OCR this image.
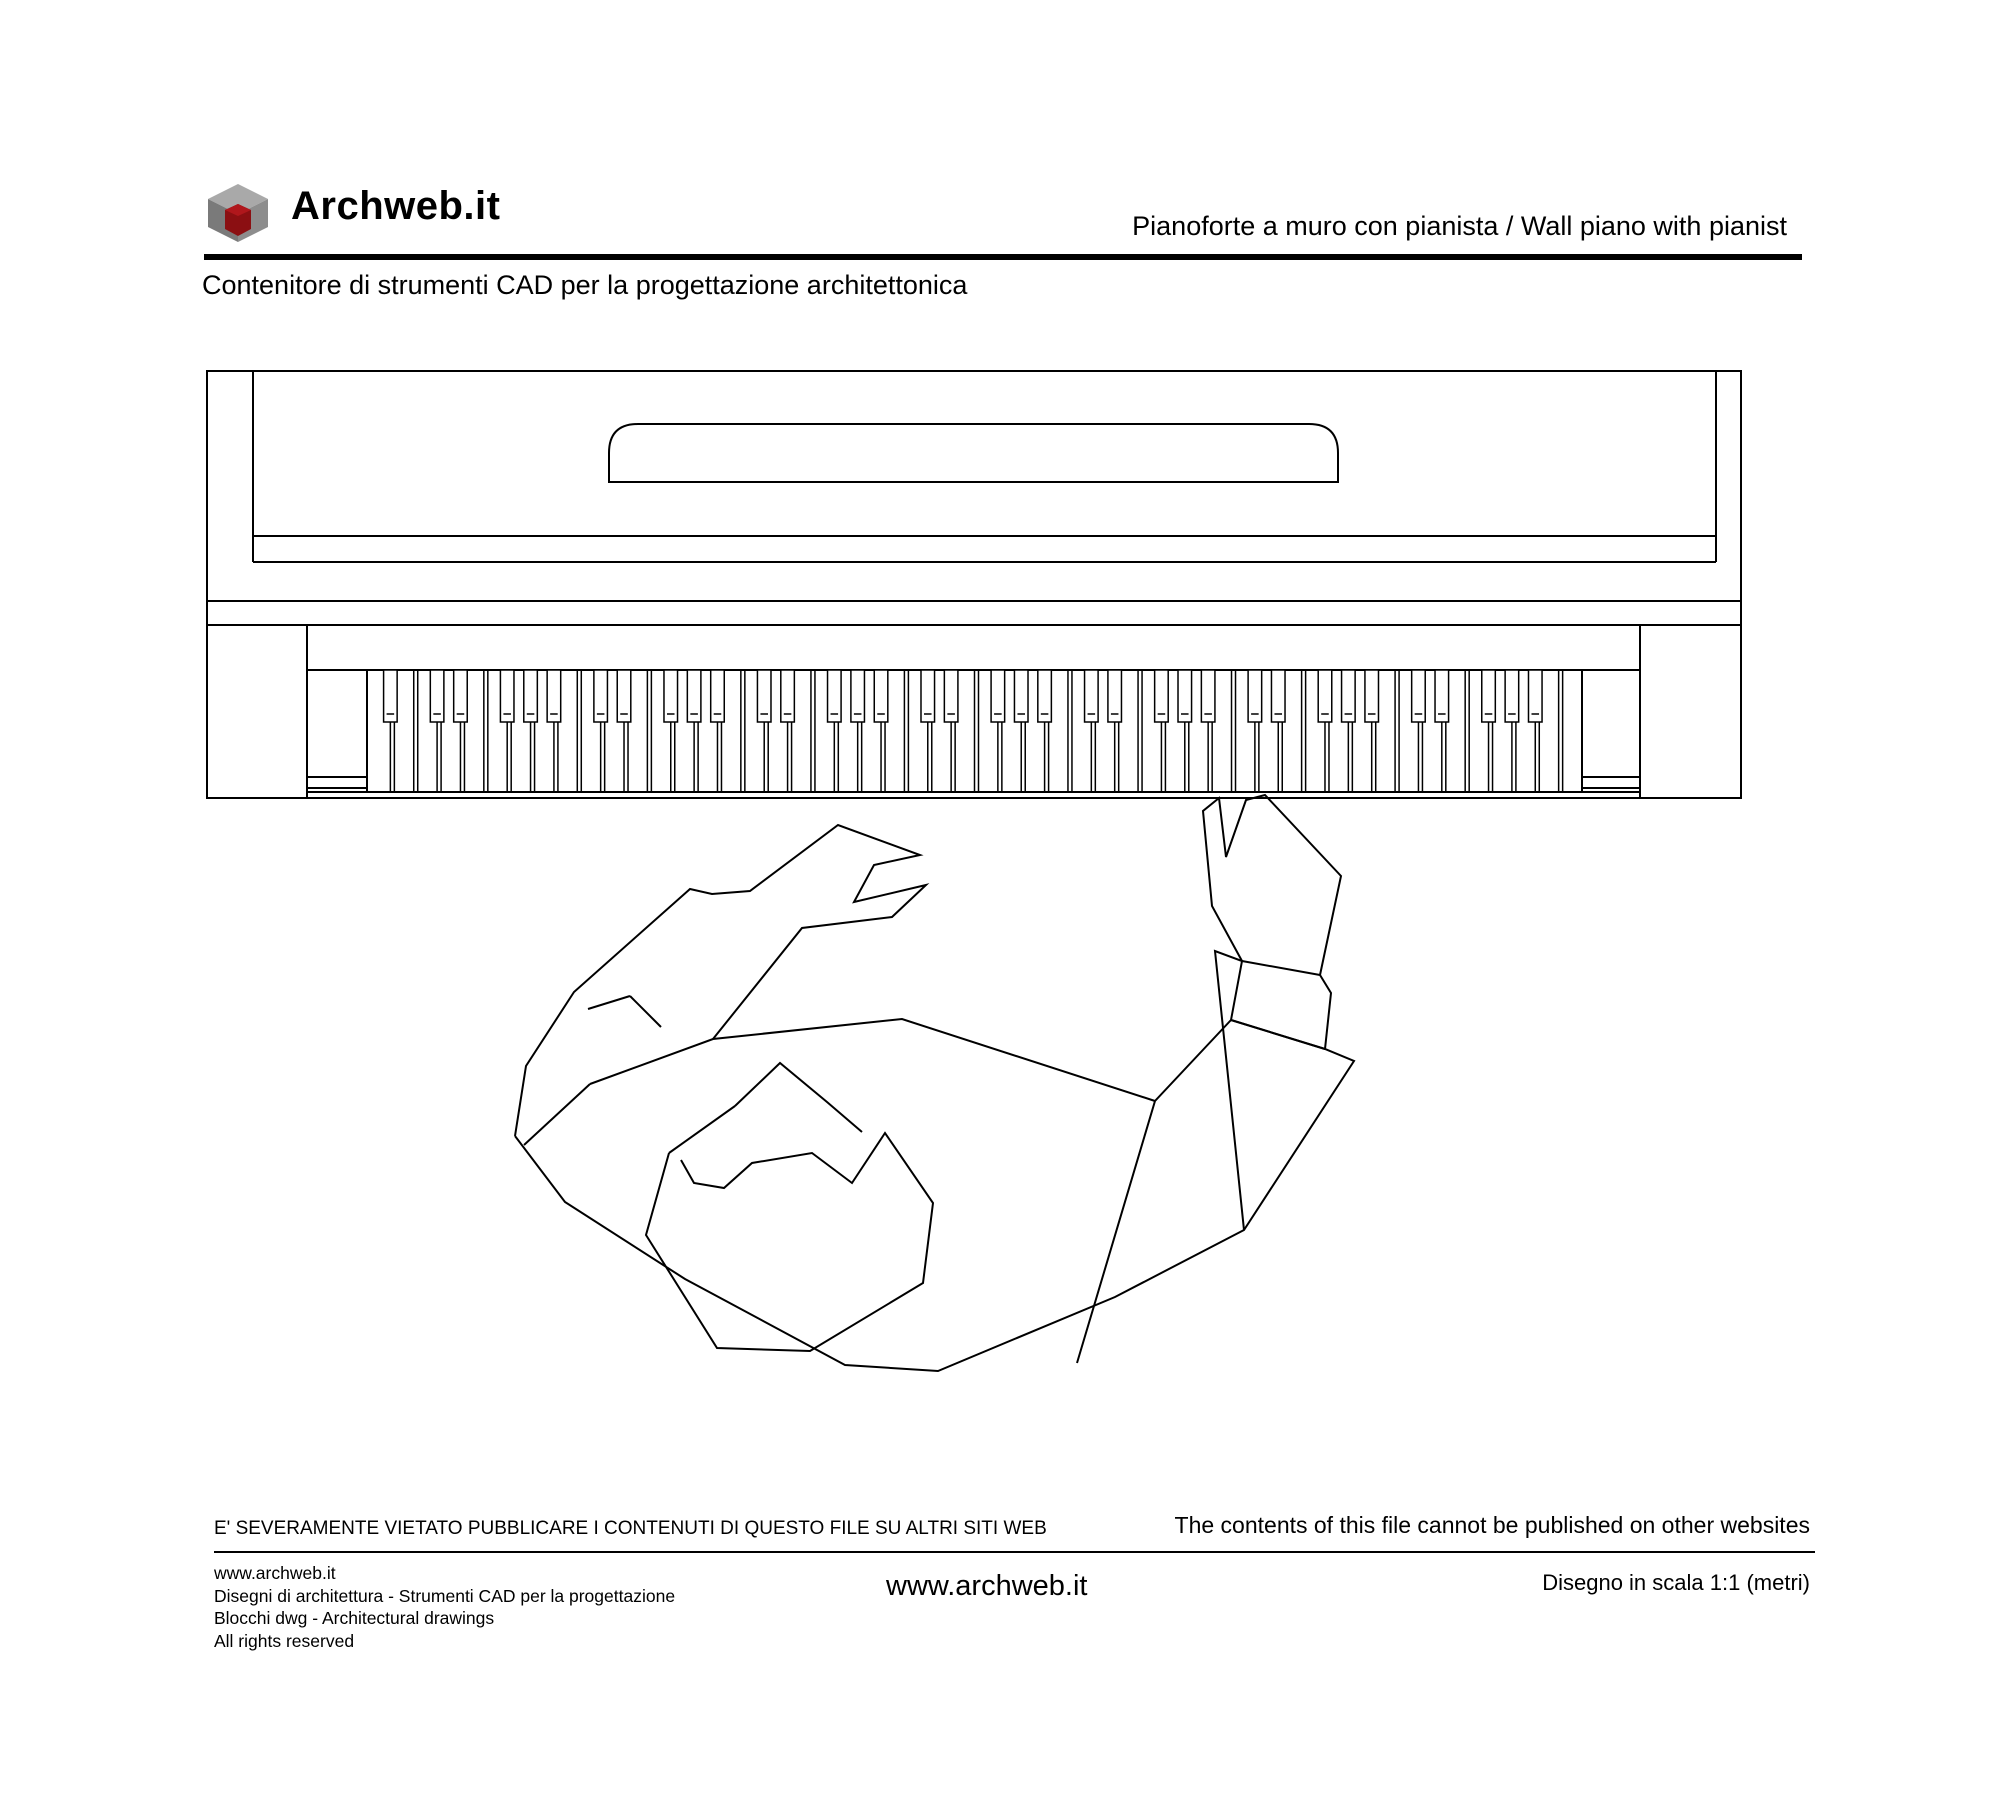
Archweb.it	Pianoforte a muro con pianista / Wall piano with pianist
Contenitore di strumenti CAD per la progettazione architettonica
E' SEVERAMENTE VIETATO PUBBLICARE I CONTENUTI DI QUESTO FILE SU ALTRI SITI WEB	The contents of this file cannot be published on other websites
www.archweb.it
Disegni di architettura - Strumenti CAD per la progettazione
Blocchi dwg - Architectural drawings
All rights reserved
www.archweb.it	Disegno in scala 1:1 (metri)
